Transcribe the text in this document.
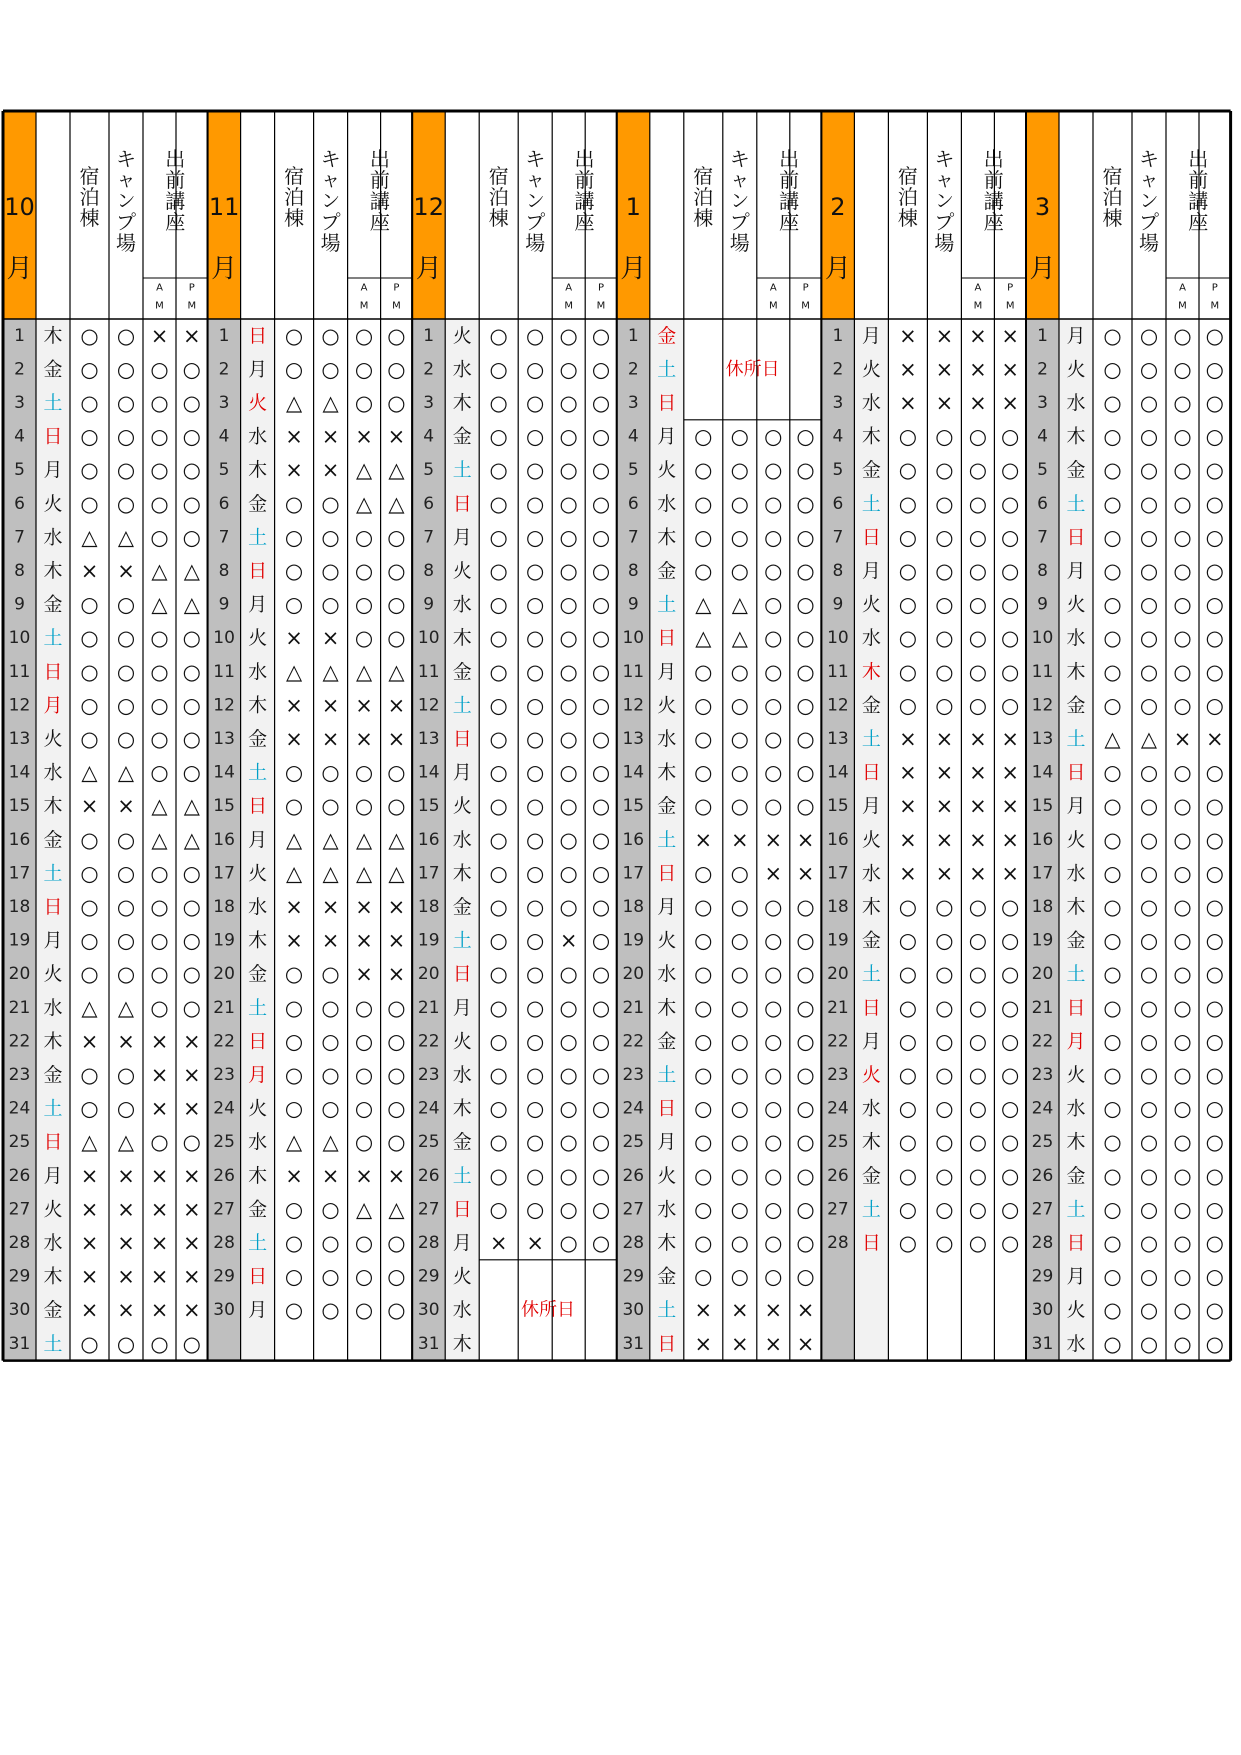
10
月
宿
泊
棟
キ
ャ
ン
プ
場
出
前
講
座
A
M
P
M
1 木 ○ ○ × ×
2 金 ○ ○ ○ ○
3 土 ○ ○ ○ ○
4 日 ○ ○ ○ ○
5 月 ○ ○ ○ ○
6 火 ○ ○ ○ ○
7 水 △ △ ○ ○
8 木 × × △ △
9 金 ○ ○ △ △
10 土 ○ ○ ○ ○
11 日 ○ ○ ○ ○
12 月 ○ ○ ○ ○
13 火 ○ ○ ○ ○
14 水 △ △ ○ ○
15 木 × × △ △
16 金 ○ ○ △ △
17 土 ○ ○ ○ ○
18 日 ○ ○ ○ ○
19 月 ○ ○ ○ ○
20 火 ○ ○ ○ ○
21 水 △ △ ○ ○
22 木 × × × ×
23 金 ○ ○ × ×
24 土 ○ ○ × ×
25 日 △ △ ○ ○
26 月 × × × ×
27 火 × × × ×
28 水 × × × ×
29 木 × × × ×
30 金 × × × ×
31 土 ○ ○ ○ ○
11
月
宿
泊
棟
キ
ャ
ン
プ
場
出
前
講
座
A
M
P
M
1 日 ○ ○ ○ ○
2 月 ○ ○ ○ ○
3 火 △ △ ○ ○
4 水 × × × ×
5 木 × × △ △
6 金 ○ ○ △ △
7 土 ○ ○ ○ ○
8 日 ○ ○ ○ ○
9 月 ○ ○ ○ ○
10 火 × × ○ ○
11 水 △ △ △ △
12 木 × × × ×
13 金 × × × ×
14 土 ○ ○ ○ ○
15 日 ○ ○ ○ ○
16 月 △ △ △ △
17 火 △ △ △ △
18 水 × × × ×
19 木 × × × ×
20 金 ○ ○ × ×
21 土 ○ ○ ○ ○
22 日 ○ ○ ○ ○
23 月 ○ ○ ○ ○
24 火 ○ ○ ○ ○
25 水 △ △ ○ ○
26 木 × × × ×
27 金 ○ ○ △ △
28 土 ○ ○ ○ ○
29 日 ○ ○ ○ ○
30 月 ○ ○ ○ ○
12
月
宿
泊
棟
キ
ャ
ン
プ
場
出
前
講
座
A
M
P
M
1 火 ○ ○ ○ ○
2 水 ○ ○ ○ ○
3 木 ○ ○ ○ ○
4 金 ○ ○ ○ ○
5 土 ○ ○ ○ ○
6 日 ○ ○ ○ ○
7 月 ○ ○ ○ ○
8 火 ○ ○ ○ ○
9 水 ○ ○ ○ ○
10 木 ○ ○ ○ ○
11 金 ○ ○ ○ ○
12 土 ○ ○ ○ ○
13 日 ○ ○ ○ ○
14 月 ○ ○ ○ ○
15 火 ○ ○ ○ ○
16 水 ○ ○ ○ ○
17 木 ○ ○ ○ ○
18 金 ○ ○ ○ ○
19 土 ○ ○ × ○
20 日 ○ ○ ○ ○
21 月 ○ ○ ○ ○
22 火 ○ ○ ○ ○
23 水 ○ ○ ○ ○
24 木 ○ ○ ○ ○
25 金 ○ ○ ○ ○
26 土 ○ ○ ○ ○
27 日 ○ ○ ○ ○
28 月 × × ○ ○
29 火
30 水
31 木
休所日
1
月
宿
泊
棟
キ
ャ
ン
プ
場
出
前
講
座
A
M
P
M
1 金
2 土
3 日
4 月 ○ ○ ○ ○
5 火 ○ ○ ○ ○
6 水 ○ ○ ○ ○
7 木 ○ ○ ○ ○
8 金 ○ ○ ○ ○
9 土 △ △ ○ ○
10 日 △ △ ○ ○
11 月 ○ ○ ○ ○
12 火 ○ ○ ○ ○
13 水 ○ ○ ○ ○
14 木 ○ ○ ○ ○
15 金 ○ ○ ○ ○
16 土 × × × ×
17 日 ○ ○ × ×
18 月 ○ ○ ○ ○
19 火 ○ ○ ○ ○
20 水 ○ ○ ○ ○
21 木 ○ ○ ○ ○
22 金 ○ ○ ○ ○
23 土 ○ ○ ○ ○
24 日 ○ ○ ○ ○
25 月 ○ ○ ○ ○
26 火 ○ ○ ○ ○
27 水 ○ ○ ○ ○
28 木 ○ ○ ○ ○
29 金 ○ ○ ○ ○
30 土 × × × ×
31 日 × × × ×
休所日
2
月
宿
泊
棟
キ
ャ
ン
プ
場
出
前
講
座
A
M
P
M
1 月 × × × ×
2 火 × × × ×
3 水 × × × ×
4 木 ○ ○ ○ ○
5 金 ○ ○ ○ ○
6 土 ○ ○ ○ ○
7 日 ○ ○ ○ ○
8 月 ○ ○ ○ ○
9 火 ○ ○ ○ ○
10 水 ○ ○ ○ ○
11 木 ○ ○ ○ ○
12 金 ○ ○ ○ ○
13 土 × × × ×
14 日 × × × ×
15 月 × × × ×
16 火 × × × ×
17 水 × × × ×
18 木 ○ ○ ○ ○
19 金 ○ ○ ○ ○
20 土 ○ ○ ○ ○
21 日 ○ ○ ○ ○
22 月 ○ ○ ○ ○
23 火 ○ ○ ○ ○
24 水 ○ ○ ○ ○
25 木 ○ ○ ○ ○
26 金 ○ ○ ○ ○
27 土 ○ ○ ○ ○
28 日 ○ ○ ○ ○
3
月
宿
泊
棟
キ
ャ
ン
プ
場
出
前
講
座
A
M
P
M
1 月 ○ ○ ○ ○
2 火 ○ ○ ○ ○
3 水 ○ ○ ○ ○
4 木 ○ ○ ○ ○
5 金 ○ ○ ○ ○
6 土 ○ ○ ○ ○
7 日 ○ ○ ○ ○
8 月 ○ ○ ○ ○
9 火 ○ ○ ○ ○
10 水 ○ ○ ○ ○
11 木 ○ ○ ○ ○
12 金 ○ ○ ○ ○
13 土 △ △ × ×
14 日 ○ ○ ○ ○
15 月 ○ ○ ○ ○
16 火 ○ ○ ○ ○
17 水 ○ ○ ○ ○
18 木 ○ ○ ○ ○
19 金 ○ ○ ○ ○
20 土 ○ ○ ○ ○
21 日 ○ ○ ○ ○
22 月 ○ ○ ○ ○
23 火 ○ ○ ○ ○
24 水 ○ ○ ○ ○
25 木 ○ ○ ○ ○
26 金 ○ ○ ○ ○
27 土 ○ ○ ○ ○
28 日 ○ ○ ○ ○
29 月 ○ ○ ○ ○
30 火 ○ ○ ○ ○
31 水 ○ ○ ○ ○
